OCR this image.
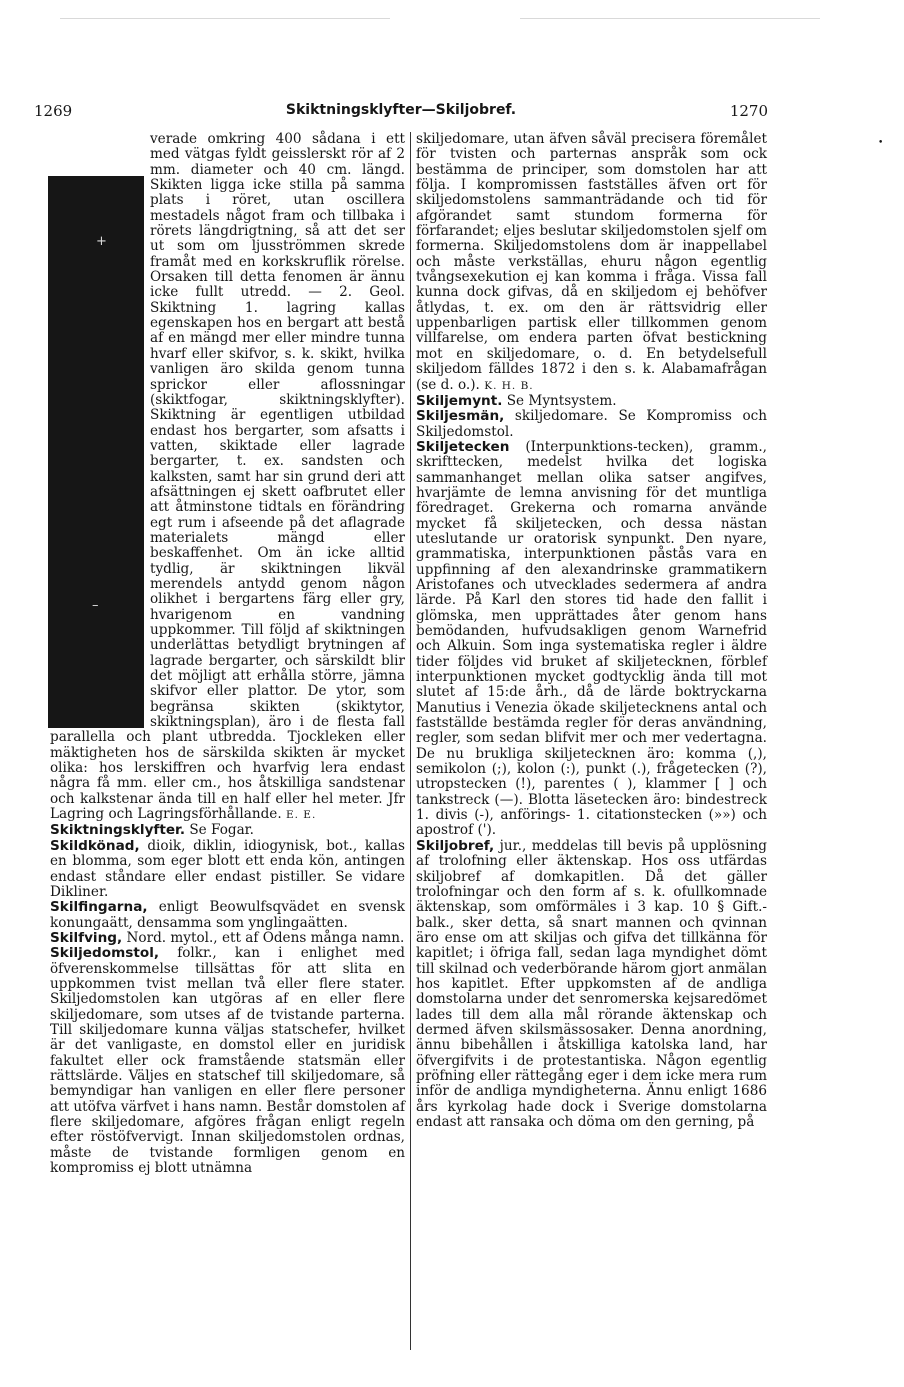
1269	Skiktningsklyfter—Skiljobref.	1270
+
–

verade omkring 400 sådana i ett med vätgas fyldt geisslerskt rör af 2 mm. diameter och 40 cm. längd. Skikten ligga icke stilla på samma plats i röret, utan oscillera mestadels något fram och tillbaka i rörets längdrigtning, så att det ser ut som om ljusströmmen skrede framåt med en korkskruflik rörelse. Orsaken till detta fenomen är ännu icke fullt utredd. — 2. Geol. Skiktning 1. lagring kallas egenskapen hos en bergart att bestå af en mängd mer eller mindre tunna hvarf eller skifvor, s. k. skikt, hvilka vanligen äro skilda genom tunna sprickor eller aflossningar (skiktfogar, skiktningsklyfter). Skiktning är egentligen utbildad endast hos bergarter, som afsatts i vatten, skiktade eller lagrade bergarter, t. ex. sandsten och kalksten, samt har sin grund deri att afsättningen ej skett oafbrutet eller att åtminstone tidtals en förändring egt rum i afseende på det aflagrade materialets mängd eller beskaffenhet. Om än icke alltid tydlig, är skiktningen likväl merendels antydd genom någon olikhet i bergartens färg eller gry, hvarigenom en vandning uppkommer. Till följd af skiktningen underlättas betydligt brytningen af lagrade bergarter, och särskildt blir det möjligt att erhålla större, jämna skifvor eller plattor. De ytor, som begränsa skikten (skiktytor, skiktningsplan), äro i de flesta fall parallella och plant utbredda. Tjockleken eller mäktigheten hos de särskilda skikten är mycket olika: hos lerskiffren och hvarfvig lera endast några få mm. eller cm., hos åtskilliga sandstenar och kalkstenar ända till en half eller hel meter. Jfr Lagring och Lagringsförhållande. E. E.

Skiktningsklyfter. Se Fogar.

Skildkönad, dioik, diklin, idiogynisk, bot., kallas en blomma, som eger blott ett enda kön, antingen endast ståndare eller endast pistiller. Se vidare Dikliner.

Skilfingarna, enligt Beowulfsqvädet en svensk konungaätt, densamma som ynglingaätten.

Skilfving, Nord. mytol., ett af Odens många namn.

Skiljedomstol, folkr., kan i enlighet med öfverenskommelse tillsättas för att slita en uppkommen tvist mellan två eller flere stater. Skiljedomstolen kan utgöras af en eller flere skiljedomare, som utses af de tvistande parterna. Till skiljedomare kunna väljas statschefer, hvilket är det vanligaste, en domstol eller en juridisk fakultet eller ock framstående statsmän eller rättslärde. Väljes en statschef till skiljedomare, så bemyndigar han vanligen en eller flere personer att utöfva värfvet i hans namn. Består domstolen af flere skiljedomare, afgöres frågan enligt regeln efter röstöfvervigt. Innan skiljedomstolen ordnas, måste de tvistande formligen genom en kompromiss ej blott utnämna

skiljedomare, utan äfven såväl precisera föremålet för tvisten och parternas anspråk som ock bestämma de principer, som domstolen har att följa. I kompromissen fastställes äfven ort för skiljedomstolens sammanträdande och tid för afgörandet samt stundom formerna för förfarandet; eljes beslutar skiljedomstolen sjelf om formerna. Skiljedomstolens dom är inappellabel och måste verkställas, ehuru någon egentlig tvångsexekution ej kan komma i fråga. Vissa fall kunna dock gifvas, då en skiljedom ej behöfver åtlydas, t. ex. om den är rättsvidrig eller uppenbarligen partisk eller tillkommen genom villfarelse, om endera parten öfvat bestickning mot en skiljedomare, o. d. En betydelsefull skiljedom fälldes 1872 i den s. k. Alabamafrågan (se d. o.). K. H. B.

Skiljemynt. Se Myntsystem.

Skiljesmän, skiljedomare. Se Kompromiss och Skiljedomstol.

Skiljetecken (Interpunktions-tecken), gramm., skrifttecken, medelst hvilka det logiska sammanhanget mellan olika satser angifves, hvarjämte de lemna anvisning för det muntliga föredraget. Grekerna och romarna använde mycket få skiljetecken, och dessa nästan uteslutande ur oratorisk synpunkt. Den nyare, grammatiska, interpunktionen påstås vara en uppfinning af den alexandrinske grammatikern Aristofanes och utvecklades sedermera af andra lärde. På Karl den stores tid hade den fallit i glömska, men upprättades åter genom hans bemödanden, hufvudsakligen genom Warnefrid och Alkuin. Som inga systematiska regler i äldre tider följdes vid bruket af skiljetecknen, förblef interpunktionen mycket godtycklig ända till mot slutet af 15:de årh., då de lärde boktryckarna Manutius i Venezia ökade skiljetecknens antal och fastställde bestämda regler för deras användning, regler, som sedan blifvit mer och mer vedertagna. De nu brukliga skiljetecknen äro: komma (,), semikolon (;), kolon (:), punkt (.), frågetecken (?), utropstecken (!), parentes ( ), klammer [ ] och tankstreck (—). Blotta läsetecken äro: bindestreck 1. divis (-), anförings- 1. citationstecken (»») och apostrof (').

Skiljobref, jur., meddelas till bevis på upplösning af trolofning eller äktenskap. Hos oss utfärdas skiljobref af domkapitlen. Då det gäller trolofningar och den form af s. k. ofullkomnade äktenskap, som omförmäles i 3 kap. 10 § Gift.-balk., sker detta, så snart mannen och qvinnan äro ense om att skiljas och gifva det tillkänna för kapitlet; i öfriga fall, sedan laga myndighet dömt till skilnad och vederbörande härom gjort anmälan hos kapitlet. Efter uppkomsten af de andliga domstolarna under det senromerska kejsaredömet lades till dem alla mål rörande äktenskap och dermed äfven skilsmässosaker. Denna anordning, ännu bibehållen i åtskilliga katolska land, har öfvergifvits i de protestantiska. Någon egentlig pröfning eller rättegång eger i dem icke mera rum inför de andliga myndigheterna. Ännu enligt 1686 års kyrkolag hade dock i Sverige domstolarna endast att ransaka och döma om den gerning, på

•
